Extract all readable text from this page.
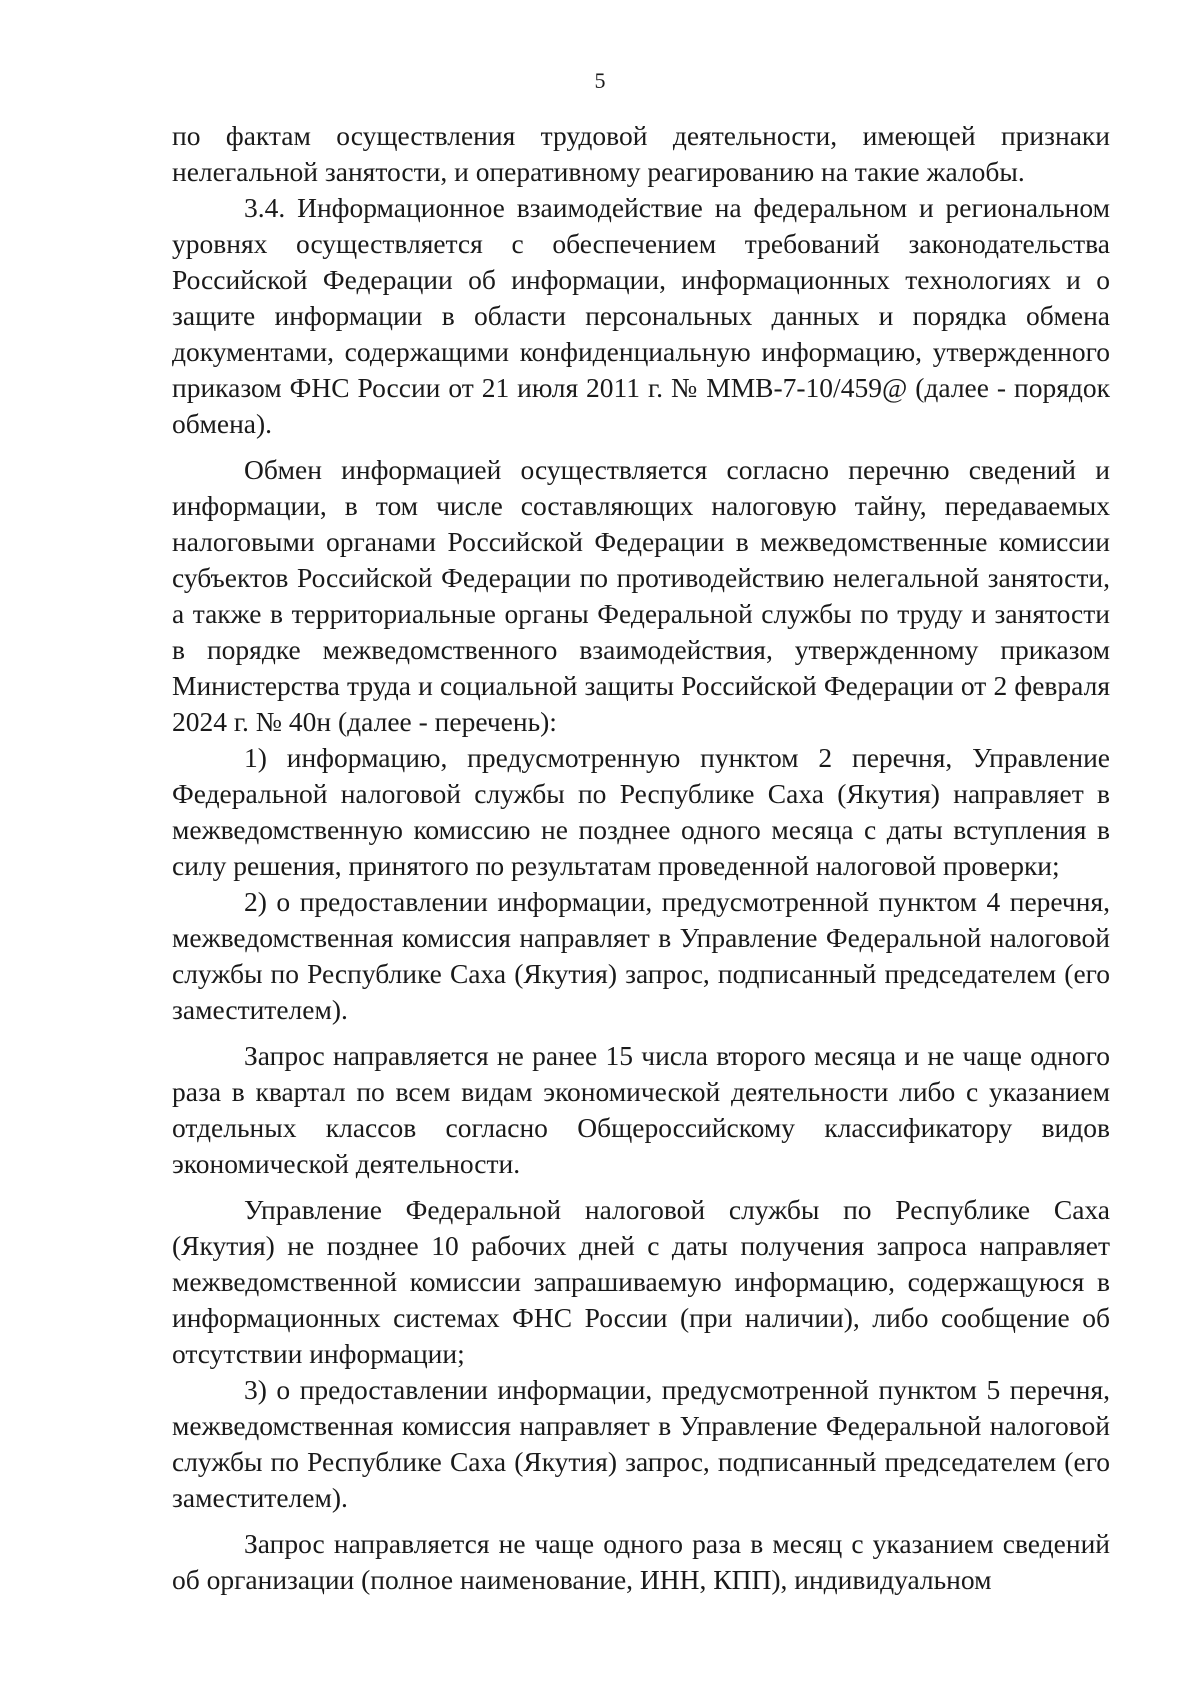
5

по фактам осуществления трудовой деятельности, имеющей признаки нелегальной занятости, и оперативному реагированию на такие жалобы.

3.4. Информационное взаимодействие на федеральном и региональном уровнях осуществляется с обеспечением требований законодательства Российской Федерации об информации, информационных технологиях и о защите информации в области персональных данных и порядка обмена документами, содержащими конфиденциальную информацию, утвержденного приказом ФНС России от 21 июля 2011 г. № ММВ-7-10/459@ (далее - порядок обмена).

Обмен информацией осуществляется согласно перечню сведений и информации, в том числе составляющих налоговую тайну, передаваемых налоговыми органами Российской Федерации в межведомственные комиссии субъектов Российской Федерации по противодействию нелегальной занятости, а также в территориальные органы Федеральной службы по труду и занятости в порядке межведомственного взаимодействия, утвержденному приказом Министерства труда и социальной защиты Российской Федерации от 2 февраля 2024 г. № 40н (далее - перечень):

1) информацию, предусмотренную пунктом 2 перечня, Управление Федеральной налоговой службы по Республике Саха (Якутия) направляет в межведомственную комиссию не позднее одного месяца с даты вступления в силу решения, принятого по результатам проведенной налоговой проверки;

2) о предоставлении информации, предусмотренной пунктом 4 перечня, межведомственная комиссия направляет в Управление Федеральной налоговой службы по Республике Саха (Якутия) запрос, подписанный председателем (его заместителем).

Запрос направляется не ранее 15 числа второго месяца и не чаще одного раза в квартал по всем видам экономической деятельности либо с указанием отдельных классов согласно Общероссийскому классификатору видов экономической деятельности.

Управление Федеральной налоговой службы по Республике Саха (Якутия) не позднее 10 рабочих дней с даты получения запроса направляет межведомственной комиссии запрашиваемую информацию, содержащуюся в информационных системах ФНС России (при наличии), либо сообщение об отсутствии информации;

3) о предоставлении информации, предусмотренной пунктом 5 перечня, межведомственная комиссия направляет в Управление Федеральной налоговой службы по Республике Саха (Якутия) запрос, подписанный председателем (его заместителем).

Запрос направляется не чаще одного раза в месяц с указанием сведений об организации (полное наименование, ИНН, КПП), индивидуальном
